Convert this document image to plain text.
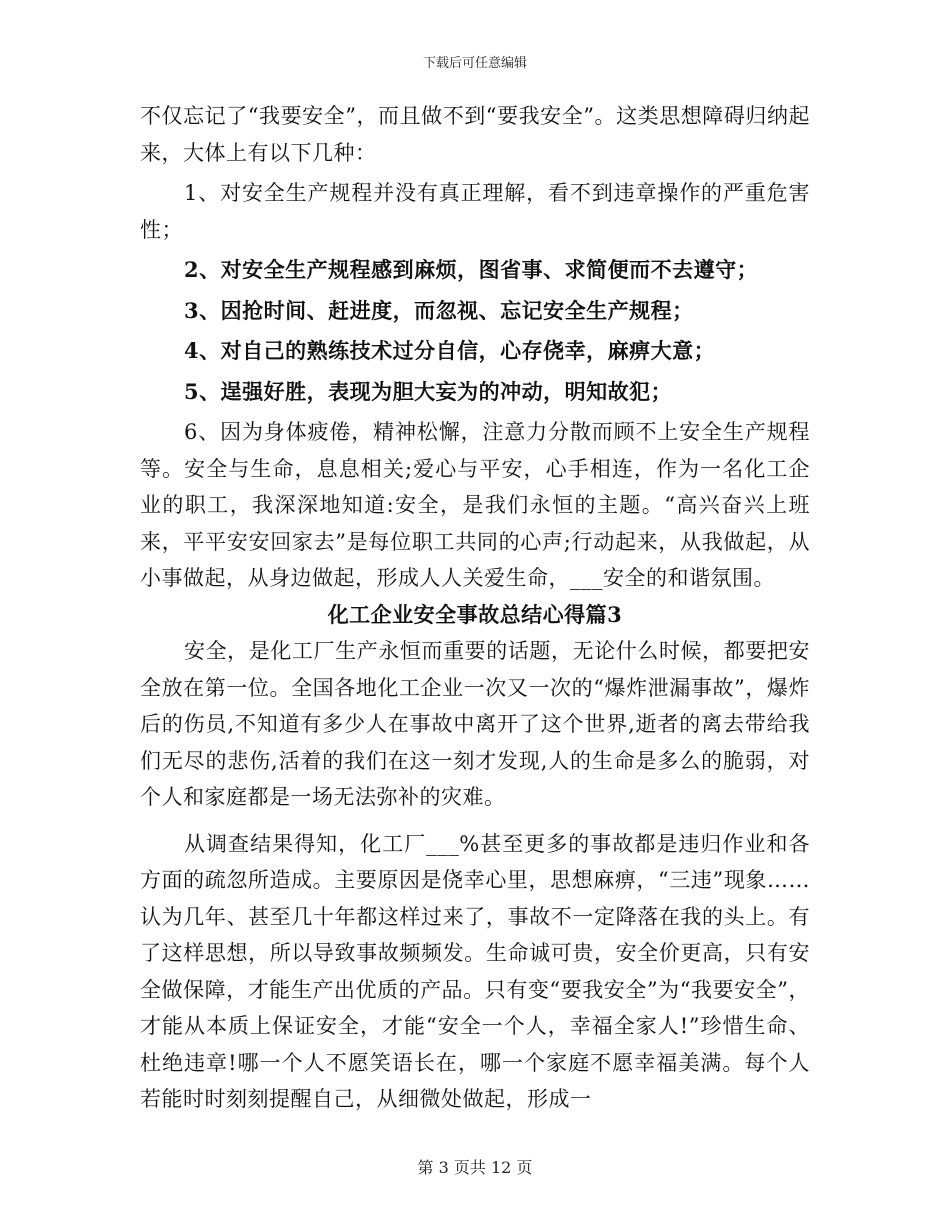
下载后可任意编辑

不仅忘记了“我要安全”，而且做不到“要我安全”。这类思想障碍归纳起来，大体上有以下几种：

1、对安全生产规程并没有真正理解，看不到违章操作的严重危害性；

2、对安全生产规程感到麻烦，图省事、求简便而不去遵守；

3、因抢时间、赶进度，而忽视、忘记安全生产规程；

4、对自己的熟练技术过分自信，心存侥幸，麻痹大意；

5、逞强好胜，表现为胆大妄为的冲动，明知故犯；

6、因为身体疲倦，精神松懈，注意力分散而顾不上安全生产规程等。安全与生命，息息相关;爱心与平安，心手相连，作为一名化工企业的职工，我深深地知道:安全，是我们永恒的主题。“高兴奋兴上班来，平平安安回家去”是每位职工共同的心声;行动起来，从我做起，从小事做起，从身边做起，形成人人关爱生命，___安全的和谐氛围。

化工企业安全事故总结心得篇3

安全，是化工厂生产永恒而重要的话题，无论什么时候，都要把安全放在第一位。全国各地化工企业一次又一次的“爆炸泄漏事故”，爆炸后的伤员,不知道有多少人在事故中离开了这个世界,逝者的离去带给我们无尽的悲伤,活着的我们在这一刻才发现,人的生命是多么的脆弱，对个人和家庭都是一场无法弥补的灾难。

从调查结果得知，化工厂___%甚至更多的事故都是违归作业和各方面的疏忽所造成。主要原因是侥幸心里，思想麻痹，“三违”现象……认为几年、甚至几十年都这样过来了，事故不一定降落在我的头上。有了这样思想，所以导致事故频频发。生命诚可贵，安全价更高，只有安全做保障，才能生产出优质的产品。只有变“要我安全”为“我要安全”，才能从本质上保证安全，才能“安全一个人，幸福全家人!”珍惜生命、杜绝违章!哪一个人不愿笑语长在，哪一个家庭不愿幸福美满。每个人若能时时刻刻提醒自己，从细微处做起，形成一

第 3 页共 12 页
